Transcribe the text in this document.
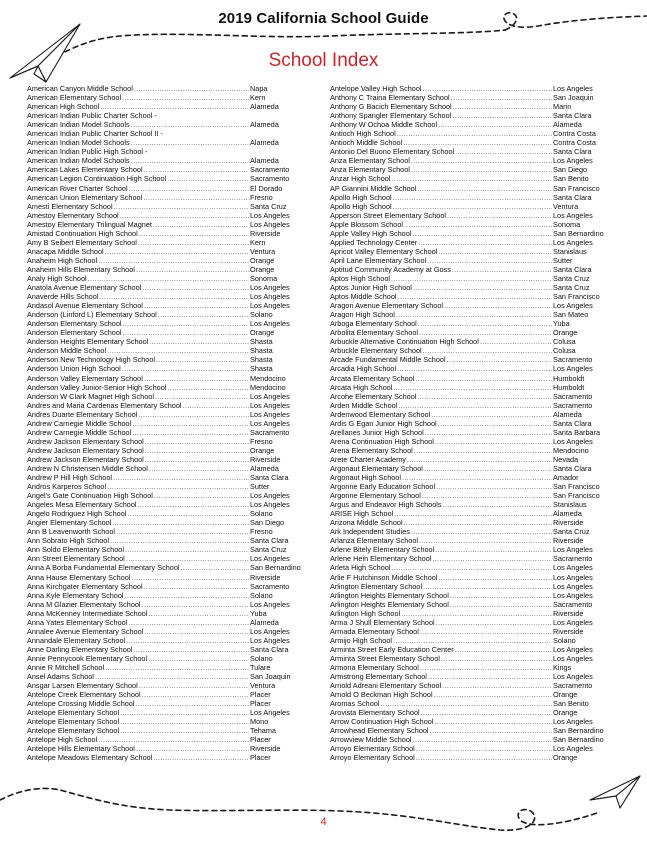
2019 California School Guide
School Index
American Canyon Middle School .....	Napa
American Elementary School .....	Kern
American High School .....	Alameda
American Indian Public Charter School -
American Indian Model Schools .....	Alameda
American Indian Public Charter School II -
American Indian Model Schools .....	Alameda
American Indian Public High School -
American Indian Model Schools .....	Alameda
American Lakes Elementary School .....	Sacramento
American Legion Continuation High School .....	Sacramento
American River Charter School .....	El Dorado
American Union Elementary School .....	Fresno
Amesti Elementary School .....	Santa Cruz
Amestoy Elementary School .....	Los Angeles
Amestoy Elementary Trilingual Magnet .....	Los Angeles
Amistad Continuation High School .....	Riverside
Amy B Seibert Elementary School .....	Kern
Anacapa Middle School .....	Ventura
Anaheim High School .....	Orange
Anaheim Hills Elementary School .....	Orange
Analy High School .....	Sonoma
Anatola Avenue Elementary School .....	Los Angeles
Anaverde Hills School .....	Los Angeles
Andasol Avenue Elementary School .....	Los Angeles
Anderson (Linford L) Elementary School .....	Solano
Anderson Elementary School .....	Los Angeles
Anderson Elementary School .....	Orange
Anderson Heights Elementary School .....	Shasta
Anderson Middle School .....	Shasta
Anderson New Technology High School .....	Shasta
Anderson Union High School .....	Shasta
Anderson Valley Elementary School .....	Mendocino
Anderson Valley Junior-Senior High School .....	Mendocino
Anderson W Clark Magnet High School .....	Los Angeles
Andres and Maria Cardenas Elementary School .....	Los Angeles
Andres Duarte Elementary School .....	Los Angeles
Andrew Carnegie Middle School .....	Los Angeles
Andrew Carnegie Middle School .....	Sacramento
Andrew Jackson Elementary School .....	Fresno
Andrew Jackson Elementary School .....	Orange
Andrew Jackson Elementary School .....	Riverside
Andrew N Christensen Middle School .....	Alameda
Andrew P Hill High School .....	Santa Clara
Andros Karperos School .....	Sutter
Angel's Gate Continuation High School .....	Los Angeles
Angeles Mesa Elementary School .....	Los Angeles
Angelo Rodriguez High School .....	Solano
Angier Elementary School .....	San Diego
Ann B Leavenworth School .....	Fresno
Ann Sobrato High School .....	Santa Clara
Ann Soldo Elementary School .....	Santa Cruz
Ann Street Elementary School .....	Los Angeles
Anna A Borba Fundamental Elementary School .....	San Bernardino
Anna Hause Elementary School .....	Riverside
Anna Kirchgater Elementary School .....	Sacramento
Anna Kyle Elementary School .....	Solano
Anna M Glazier Elementary School .....	Los Angeles
Anna McKenney Intermediate School .....	Yuba
Anna Yates Elementary School .....	Alameda
Annalee Avenue Elementary School .....	Los Angeles
Annandale Elementary School .....	Los Angeles
Anne Darling Elementary School .....	Santa Clara
Annie Pennycook Elementary School .....	Solano
Annie R Mitchell School .....	Tulare
Ansel Adams School .....	San Joaquin
Ansgar Larsen Elementary School .....	Ventura
Antelope Creek Elementary School .....	Placer
Antelope Crossing Middle School .....	Placer
Antelope Elementary School .....	Los Angeles
Antelope Elementary School .....	Mono
Antelope Elementary School .....	Tehama
Antelope High School .....	Placer
Antelope Hills Elementary School .....	Riverside
Antelope Meadows Elementary School .....	Placer
Antelope Valley High School .....	Los Angeles
Anthony C Traina Elementary School .....	San Joaquin
Anthony G Bacich Elementary School .....	Marin
Anthony Spangler Elementary School .....	Santa Clara
Anthony W Ochoa Middle School .....	Alameda
Antioch High School .....	Contra Costa
Antioch Middle School .....	Contra Costa
Antonio Del Buono Elementary School .....	Santa Clara
Anza Elementary School .....	Los Angeles
Anza Elementary School .....	San Diego
Anzar High School .....	San Benito
AP Giannini Middle School .....	San Francisco
Apollo High School .....	Santa Clara
Apollo High School .....	Ventura
Apperson Street Elementary School .....	Los Angeles
Apple Blossom School .....	Sonoma
Apple Valley High School .....	San Bernardino
Applied Technology Center .....	Los Angeles
Apricot Valley Elementary School .....	Stanislaus
April Lane Elementary School .....	Sutter
Aptitud Community Academy at Goss .....	Santa Clara
Aptos High School .....	Santa Cruz
Aptos Junior High School .....	Santa Cruz
Aptos Middle School .....	San Francisco
Aragon Avenue Elementary School .....	Los Angeles
Aragon High School .....	San Mateo
Arboga Elementary School .....	Yuba
Arbolita Elementary School .....	Orange
Arbuckle Alternative Continuation High School .....	Colusa
Arbuckle Elementary School .....	Colusa
Arcade Fundamental Middle School .....	Sacramento
Arcadia High School .....	Los Angeles
Arcata Elementary School .....	Humboldt
Arcata High School .....	Humboldt
Arcohe Elementary School .....	Sacramento
Arden Middle School .....	Sacramento
Ardenwood Elementary School .....	Alameda
Ardis G Egan Junior High School .....	Santa Clara
Arellanes Junior High School .....	Santa Barbara
Arena Continuation High School .....	Los Angeles
Arena Elementary School .....	Mendocino
Arete Charter Academy .....	Nevada
Argonaut Elementary School .....	Santa Clara
Argonaut High School .....	Amador
Argonne Early Education School .....	San Francisco
Argonne Elementary School .....	San Francisco
Argus and Endeavor High Schools .....	Stanislaus
ARISE High School .....	Alameda
Arizona Middle School .....	Riverside
Ark Independent Studies .....	Santa Cruz
Arlanza Elementary School .....	Riverside
Arlene Bitely Elementary School .....	Los Angeles
Arlene Hein Elementary School .....	Sacramento
Arleta High School .....	Los Angeles
Arlie F Hutchinson Middle School .....	Los Angeles
Arlington Elementary School .....	Los Angeles
Arlington Heights Elementary School .....	Los Angeles
Arlington Heights Elementary School .....	Sacramento
Arlington High School .....	Riverside
Arma J Shull Elementary School .....	Los Angeles
Armada Elementary School .....	Riverside
Armijo High School .....	Solano
Arminta Street Early Education Center .....	Los Angeles
Arminta Street Elementary School .....	Los Angeles
Armona Elementary School .....	Kings
Armstrong Elementary School .....	Los Angeles
Arnold Adreani Elementary School .....	Sacramento
Arnold O Beckman High School .....	Orange
Aromas School .....	San Benito
Arovista Elementary School .....	Orange
Arrow Continuation High School .....	Los Angeles
Arrowhead Elementary School .....	San Bernardino
Arrowview Middle School .....	San Bernardino
Arroyo Elementary School .....	Los Angeles
Arroyo Elementary School .....	Orange
4
